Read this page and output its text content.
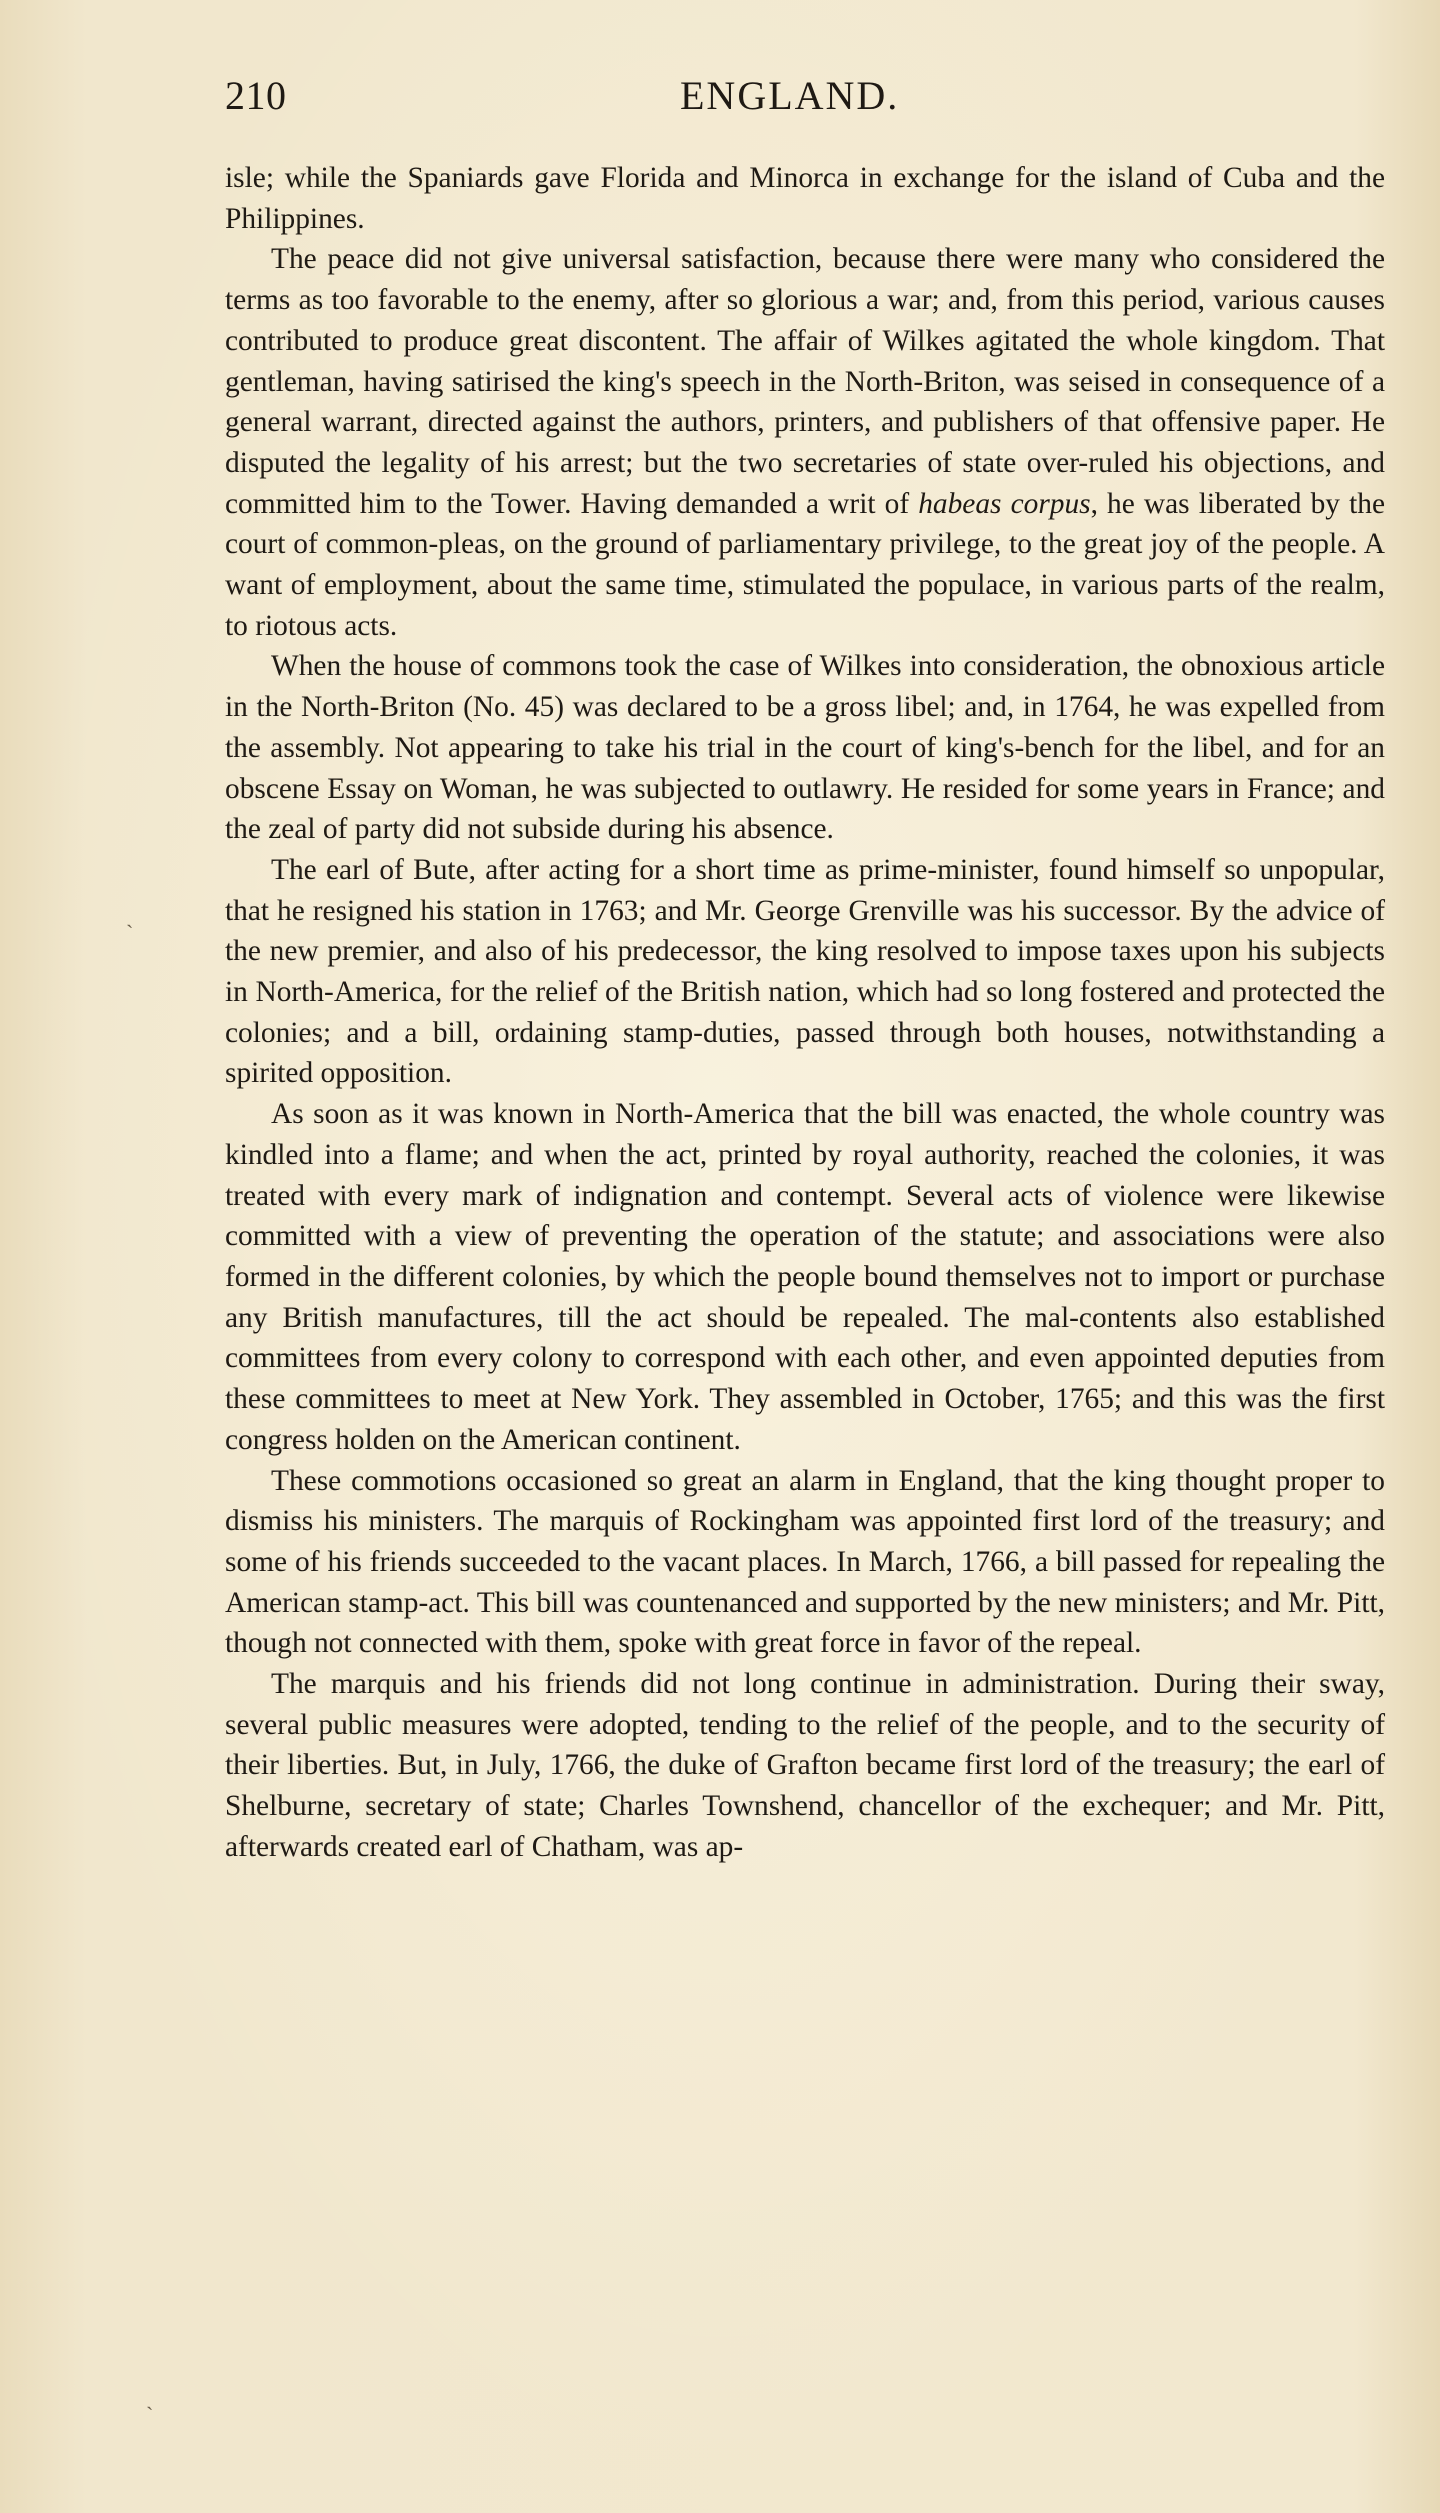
210	ENGLAND.

isle; while the Spaniards gave Florida and Minorca in exchange for the island of Cuba and the Philippines.

The peace did not give universal satisfaction, because there were many who considered the terms as too favorable to the enemy, after so glorious a war; and, from this period, various causes contributed to produce great discontent. The affair of Wilkes agitated the whole kingdom. That gentleman, having satirised the king's speech in the North-Briton, was seised in consequence of a general warrant, directed against the authors, printers, and publishers of that offensive paper. He disputed the legality of his arrest; but the two secretaries of state over-ruled his objections, and committed him to the Tower. Having demanded a writ of habeas corpus, he was liberated by the court of common-pleas, on the ground of parliamentary privilege, to the great joy of the people. A want of employment, about the same time, stimulated the populace, in various parts of the realm, to riotous acts.

When the house of commons took the case of Wilkes into consideration, the obnoxious article in the North-Briton (No. 45) was declared to be a gross libel; and, in 1764, he was expelled from the assembly. Not appearing to take his trial in the court of king's-bench for the libel, and for an obscene Essay on Woman, he was subjected to outlawry. He resided for some years in France; and the zeal of party did not subside during his absence.

The earl of Bute, after acting for a short time as prime-minister, found himself so unpopular, that he resigned his station in 1763; and Mr. George Grenville was his successor. By the advice of the new premier, and also of his predecessor, the king resolved to impose taxes upon his subjects in North-America, for the relief of the British nation, which had so long fostered and protected the colonies; and a bill, ordaining stamp-duties, passed through both houses, notwithstanding a spirited opposition.

As soon as it was known in North-America that the bill was enacted, the whole country was kindled into a flame; and when the act, printed by royal authority, reached the colonies, it was treated with every mark of indignation and contempt. Several acts of violence were likewise committed with a view of preventing the operation of the statute; and associations were also formed in the different colonies, by which the people bound themselves not to import or purchase any British manufactures, till the act should be repealed. The mal-contents also established committees from every colony to correspond with each other, and even appointed deputies from these committees to meet at New York. They assembled in October, 1765; and this was the first congress holden on the American continent.

These commotions occasioned so great an alarm in England, that the king thought proper to dismiss his ministers. The marquis of Rockingham was appointed first lord of the treasury; and some of his friends succeeded to the vacant places. In March, 1766, a bill passed for repealing the American stamp-act. This bill was countenanced and supported by the new ministers; and Mr. Pitt, though not connected with them, spoke with great force in favor of the repeal.

The marquis and his friends did not long continue in administration. During their sway, several public measures were adopted, tending to the relief of the people, and to the security of their liberties. But, in July, 1766, the duke of Grafton became first lord of the treasury; the earl of Shelburne, secretary of state; Charles Townshend, chancellor of the exchequer; and Mr. Pitt, afterwards created earl of Chatham, was ap-

ˋ
ˏ
